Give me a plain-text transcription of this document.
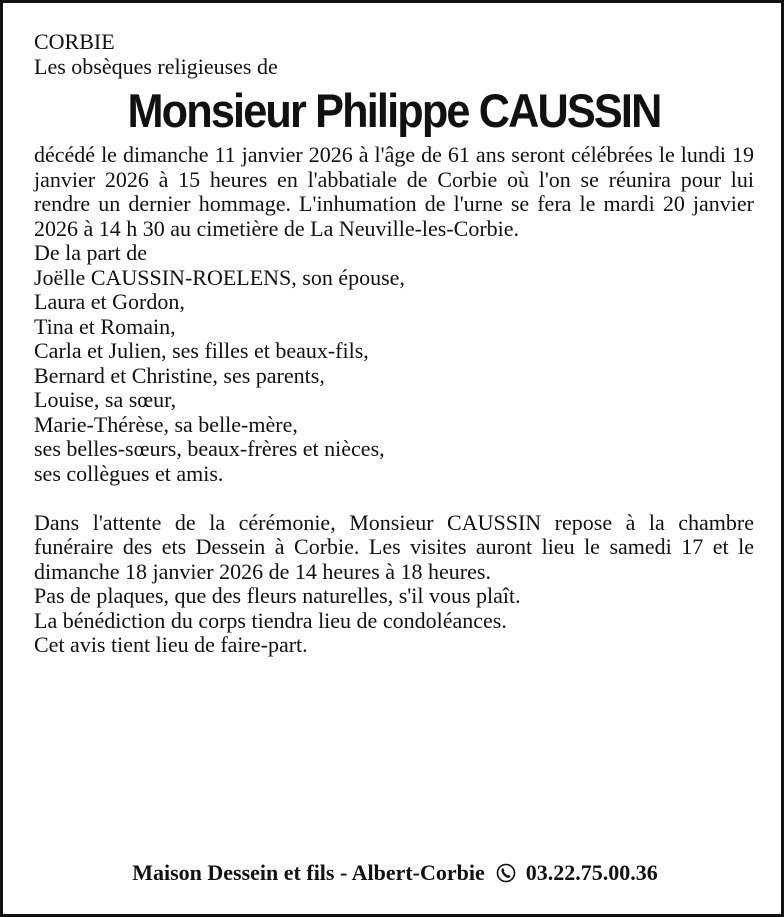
CORBIE

Les obsèques religieuses de

Monsieur Philippe CAUSSIN

décédé le dimanche 11 janvier 2026 à l'âge de 61 ans seront célébrées le lundi 19 janvier 2026 à 15 heures en l'abbatiale de Corbie où l'on se réunira pour lui rendre un dernier hommage. L'inhumation de l'urne se fera le mardi 20 janvier 2026 à 14 h 30 au cimetière de La Neuville-les-Corbie.

De la part de

Joëlle CAUSSIN-ROELENS, son épouse,
Laura et Gordon,
Tina et Romain,
Carla et Julien, ses filles et beaux-fils,
Bernard et Christine, ses parents,
Louise, sa sœur,
Marie-Thérèse, sa belle-mère,
ses belles-sœurs, beaux-frères et nièces,
ses collègues et amis.

Dans l'attente de la cérémonie, Monsieur CAUSSIN repose à la chambre funéraire des ets Dessein à Corbie. Les visites auront lieu le samedi 17 et le dimanche 18 janvier 2026 de 14 heures à 18 heures.

Pas de plaques, que des fleurs naturelles, s'il vous plaît.

La bénédiction du corps tiendra lieu de condoléances.

Cet avis tient lieu de faire-part.

Maison Dessein et fils - Albert-Corbie 03.22.75.00.36
